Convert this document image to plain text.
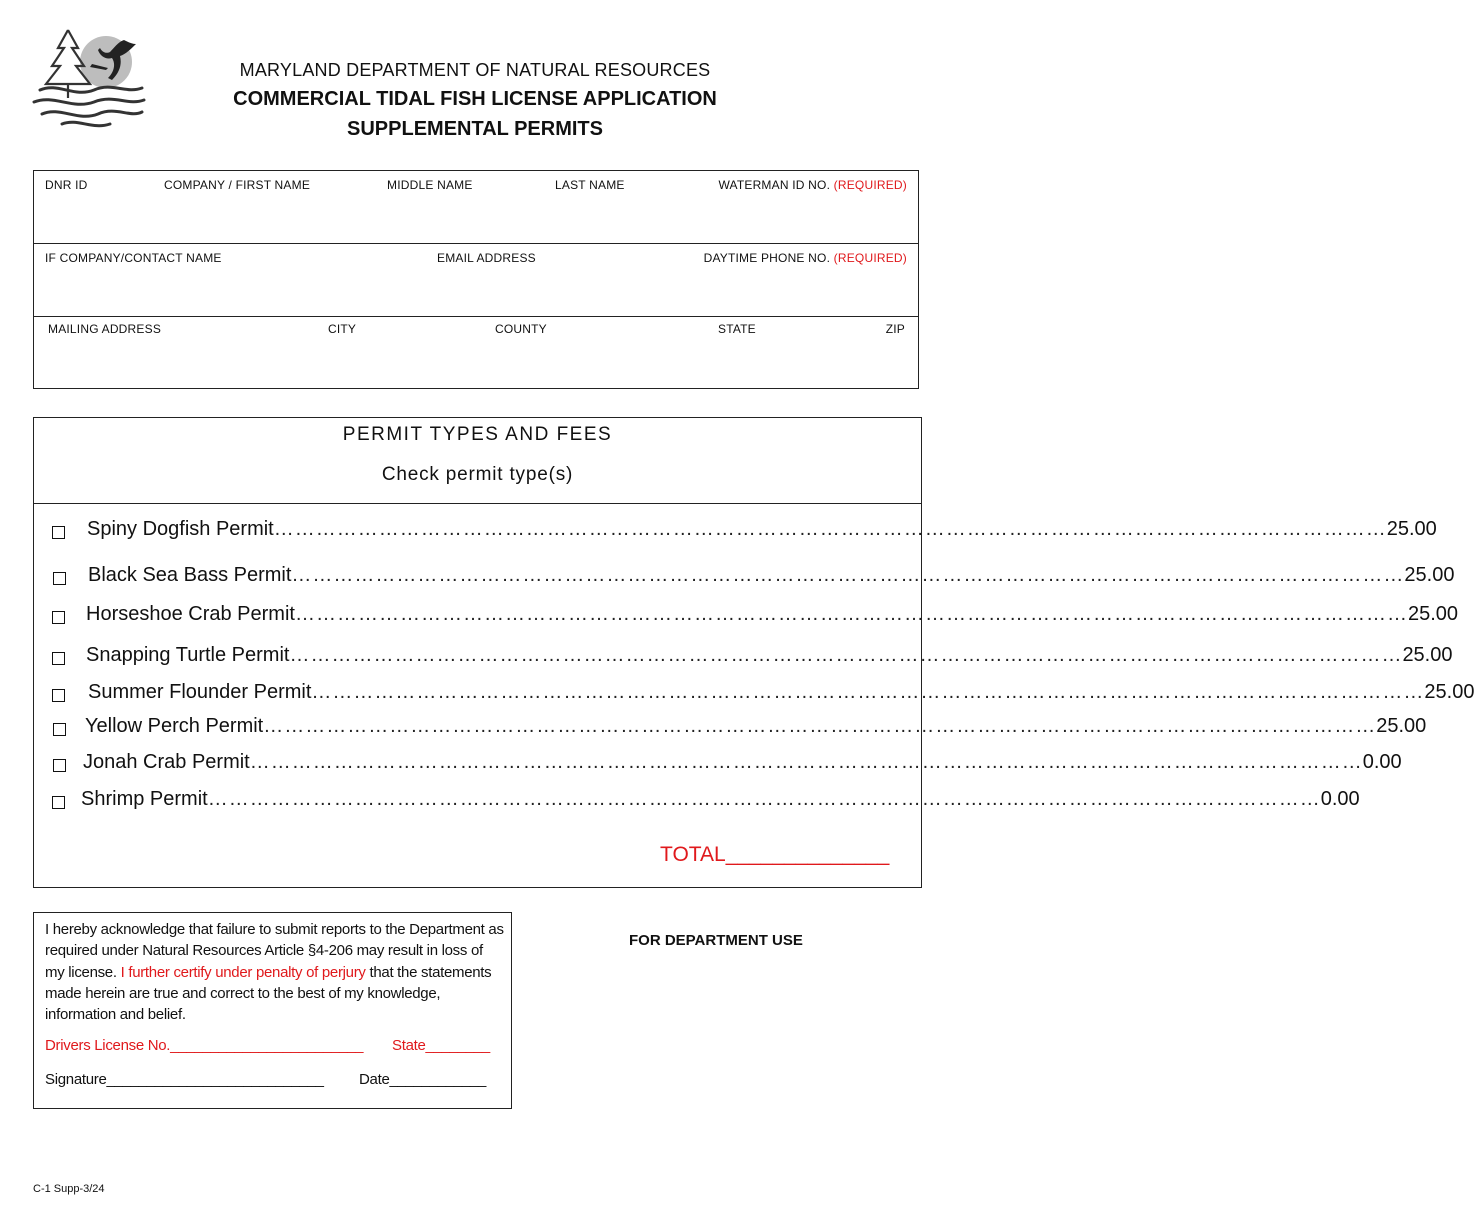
MARYLAND DEPARTMENT OF NATURAL RESOURCES
COMMERCIAL TIDAL FISH LICENSE APPLICATION
SUPPLEMENTAL PERMITS
DNR ID	COMPANY / FIRST NAME	MIDDLE NAME	LAST NAME	WATERMAN ID NO. (REQUIRED)
IF COMPANY/CONTACT NAME	EMAIL ADDRESS	DAYTIME PHONE NO. (REQUIRED)
MAILING ADDRESS	CITY	COUNTY	STATE	ZIP
PERMIT TYPES AND FEES
Check permit type(s)
Spiny Dogfish Permit …………………………………………………………………………………………………………………………………………… 25.00
Black Sea Bass Permit …………………………………………………………………………………………………………………………………………… 25.00
Horseshoe Crab Permit …………………………………………………………………………………………………………………………………………… 25.00
Snapping Turtle Permit …………………………………………………………………………………………………………………………………………… 25.00
Summer Flounder Permit …………………………………………………………………………………………………………………………………………… 25.00
Yellow Perch Permit …………………………………………………………………………………………………………………………………………… 25.00
Jonah Crab Permit …………………………………………………………………………………………………………………………………………… 0.00
Shrimp Permit …………………………………………………………………………………………………………………………………………… 0.00
TOTAL______________
I hereby acknowledge that failure to submit reports to the Department as required under Natural Resources Article §4-206 may result in loss of my license. I further certify under penalty of perjury that the statements made herein are true and correct to the best of my knowledge, information and belief.
Drivers License No.________________________ State________
Signature___________________________ Date____________
FOR DEPARTMENT USE
C-1 Supp-3/24
